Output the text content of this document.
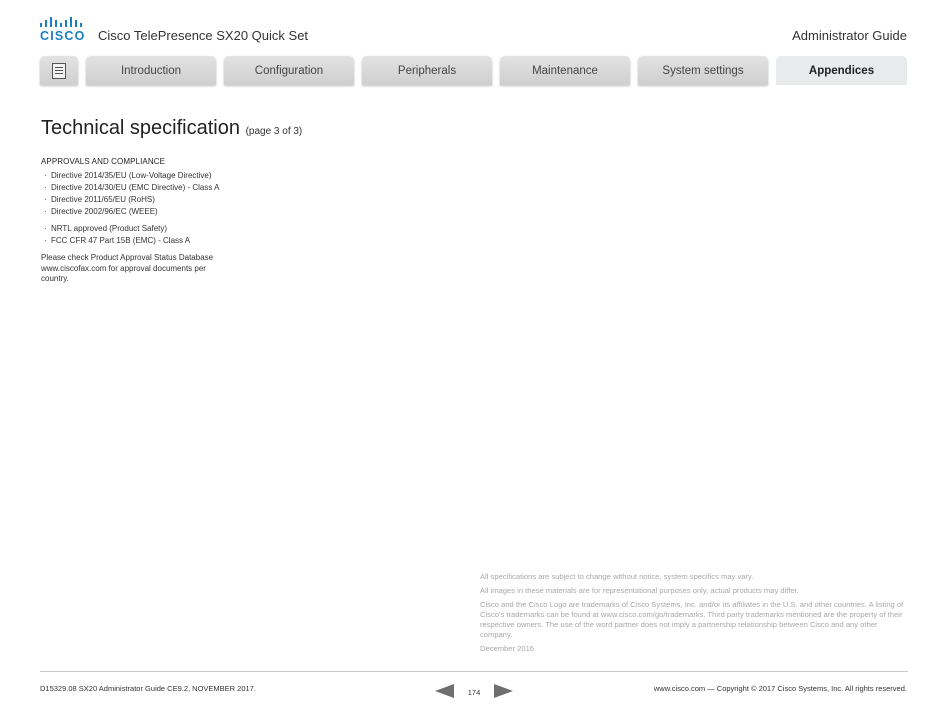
CISCO Cisco TelePresence SX20 Quick Set	Administrator Guide
Introduction	Configuration	Peripherals	Maintenance	System settings	Appendices
Technical specification (page 3 of 3)
APPROVALS AND COMPLIANCE
· Directive 2014/35/EU (Low-Voltage Directive)
· Directive 2014/30/EU (EMC Directive) - Class A
· Directive 2011/65/EU (RoHS)
· Directive 2002/96/EC (WEEE)
· NRTL approved (Product Safety)
· FCC CFR 47 Part 15B (EMC) - Class A
Please check Product Approval Status Database www.ciscofax.com for approval documents per country.

All specifications are subject to change without notice, system specifics may vary.

All images in these materials are for representational purposes only, actual products may differ.

Cisco and the Cisco Logo are trademarks of Cisco Systems, Inc. and/or its affiliates in the U.S. and other countries. A listing of Cisco's trademarks can be found at www.cisco.com/go/trademarks. Third party trademarks mentioned are the property of their respective owners. The use of the word partner does not imply a partnership relationship between Cisco and any other company.

December 2016

D15329.08 SX20 Administrator Guide CE9.2, NOVEMBER 2017.	174	www.cisco.com — Copyright © 2017 Cisco Systems, Inc. All rights reserved.
